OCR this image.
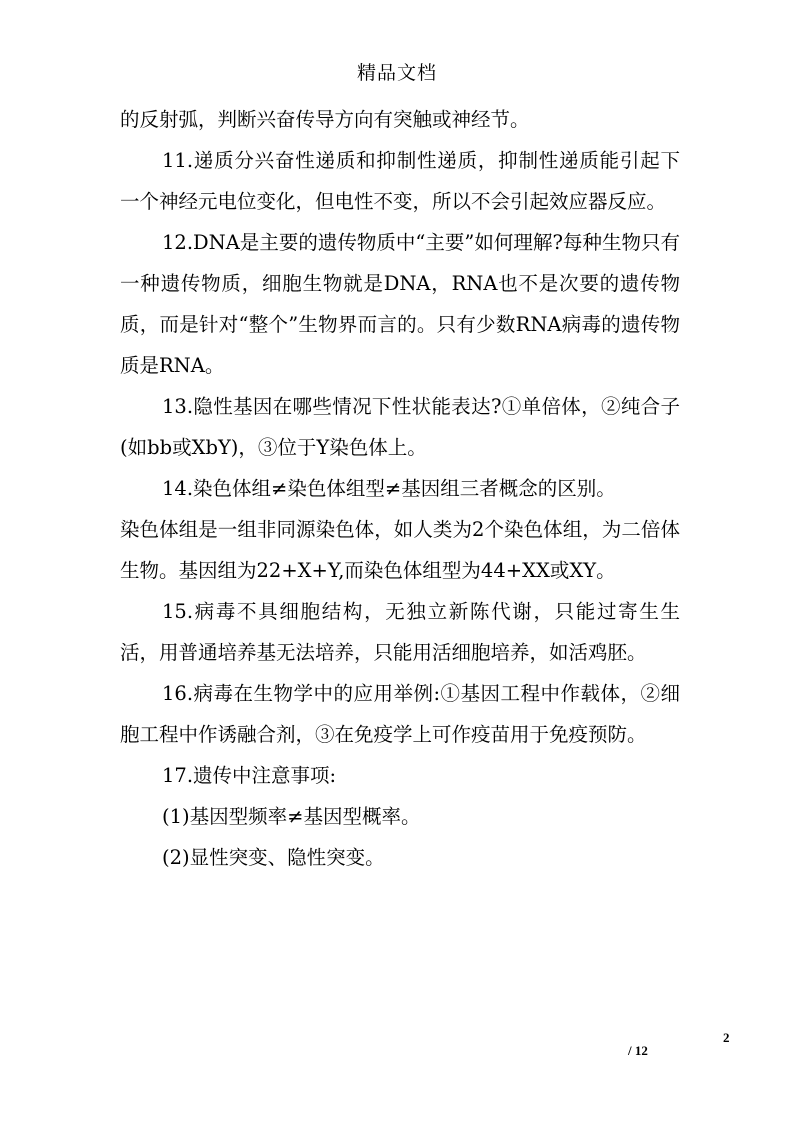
精品文档

的反射弧，判断兴奋传导方向有突触或神经节。

11.递质分兴奋性递质和抑制性递质，抑制性递质能引起下一个神经元电位变化，但电性不变，所以不会引起效应器反应。

12.DNA是主要的遗传物质中“主要”如何理解?每种生物只有一种遗传物质，细胞生物就是DNA，RNA也不是次要的遗传物质，而是针对“整个”生物界而言的。只有少数RNA病毒的遗传物质是RNA。

13.隐性基因在哪些情况下性状能表达?①单倍体，②纯合子(如bb或XbY)，③位于Y染色体上。

14.染色体组≠染色体组型≠基因组三者概念的区别。

染色体组是一组非同源染色体，如人类为2个染色体组，为二倍体生物。基因组为22+X+Y,而染色体组型为44+XX或XY。

15.病毒不具细胞结构，无独立新陈代谢，只能过寄生生活，用普通培养基无法培养，只能用活细胞培养，如活鸡胚。

16.病毒在生物学中的应用举例:①基因工程中作载体，②细胞工程中作诱融合剂，③在免疫学上可作疫苗用于免疫预防。

17.遗传中注意事项:

(1)基因型频率≠基因型概率。

(2)显性突变、隐性突变。

2
/ 12
